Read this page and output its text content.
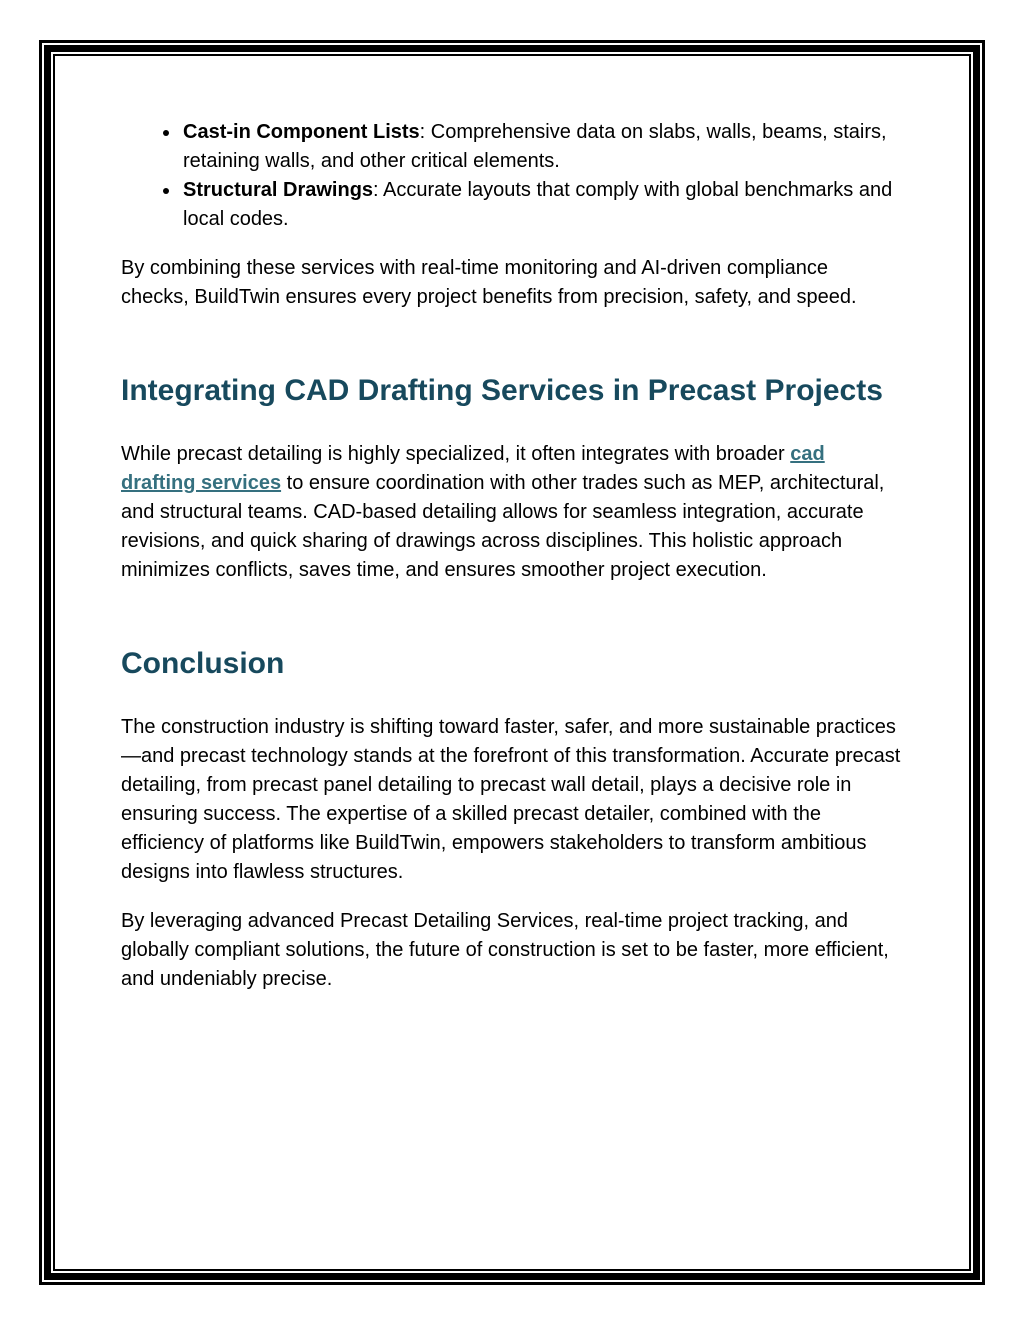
• Cast-in Component Lists: Comprehensive data on slabs, walls, beams, stairs, retaining walls, and other critical elements.
• Structural Drawings: Accurate layouts that comply with global benchmarks and local codes.

By combining these services with real-time monitoring and AI-driven compliance checks, BuildTwin ensures every project benefits from precision, safety, and speed.

Integrating CAD Drafting Services in Precast Projects

While precast detailing is highly specialized, it often integrates with broader cad drafting services to ensure coordination with other trades such as MEP, architectural, and structural teams. CAD-based detailing allows for seamless integration, accurate revisions, and quick sharing of drawings across disciplines. This holistic approach minimizes conflicts, saves time, and ensures smoother project execution.

Conclusion

The construction industry is shifting toward faster, safer, and more sustainable practices—and precast technology stands at the forefront of this transformation. Accurate precast detailing, from precast panel detailing to precast wall detail, plays a decisive role in ensuring success. The expertise of a skilled precast detailer, combined with the efficiency of platforms like BuildTwin, empowers stakeholders to transform ambitious designs into flawless structures.

By leveraging advanced Precast Detailing Services, real-time project tracking, and globally compliant solutions, the future of construction is set to be faster, more efficient, and undeniably precise.
